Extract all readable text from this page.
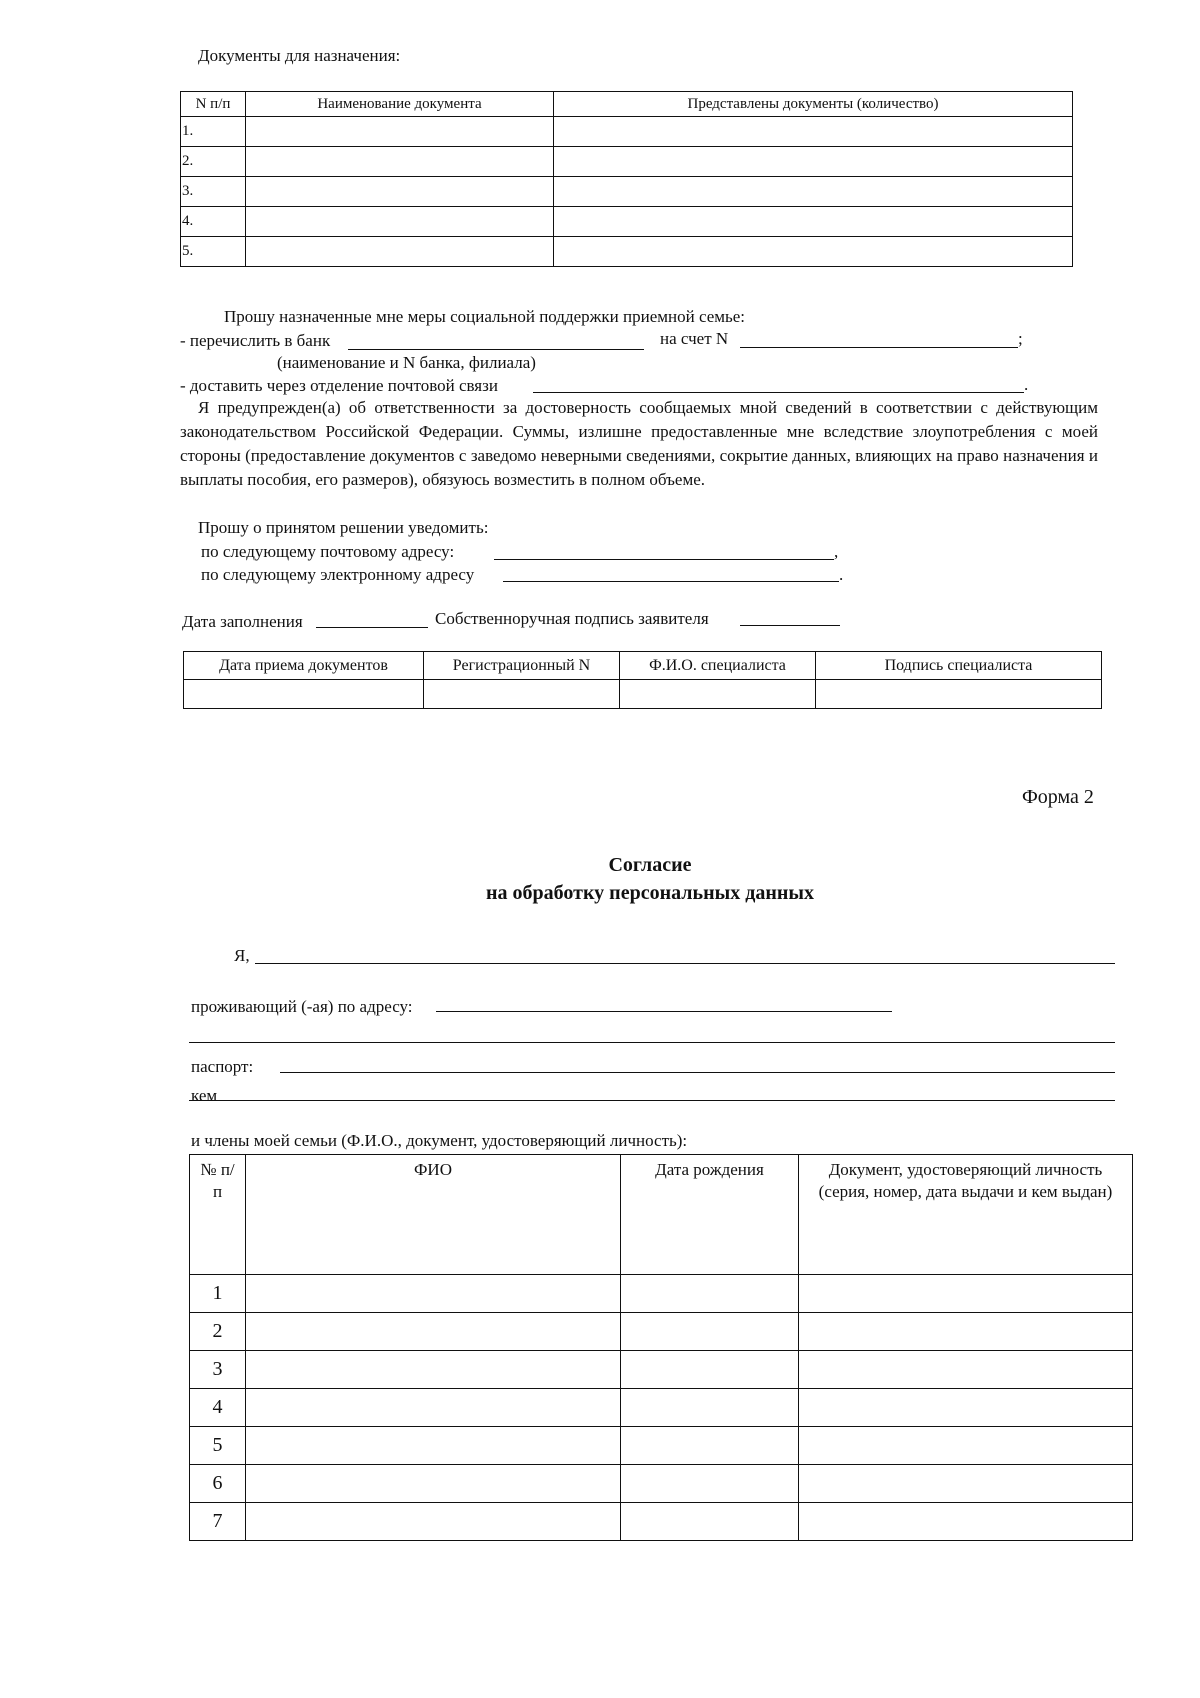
Документы для назначения:
N п/п	Наименование документа	Представлены документы (количество)
1.		
2.		
3.		
4.		
5.		
Прошу назначенные мне меры социальной поддержки приемной семье:
- перечислить в банк	на счет N	;
(наименование и N банка, филиала)
- доставить через отделение почтовой связи	.
Я предупрежден(а) об ответственности за достоверность сообщаемых мной сведений в соответствии с действующим законодательством Российской Федерации. Суммы, излишне предоставленные мне вследствие злоупотребления с моей стороны (предоставление документов с заведомо неверными сведениями, сокрытие данных, влияющих на право назначения и выплаты пособия, его размеров), обязуюсь возместить в полном объеме.
Прошу о принятом решении уведомить:
по следующему почтовому адресу:	,
по следующему электронному адресу	.
Дата заполнения	Собственноручная подпись заявителя
Дата приема документов	Регистрационный N	Ф.И.О. специалиста	Подпись специалиста

Форма 2
Согласие
на обработку персональных данных
Я,
проживающий (-ая) по адресу:
паспорт:
кем
и члены моей семьи (Ф.И.О., документ, удостоверяющий личность):
№ п/п	ФИО	Дата рождения	Документ, удостоверяющий личность (серия, номер, дата выдачи и кем выдан)
1			
2			
3			
4			
5			
6			
7			
